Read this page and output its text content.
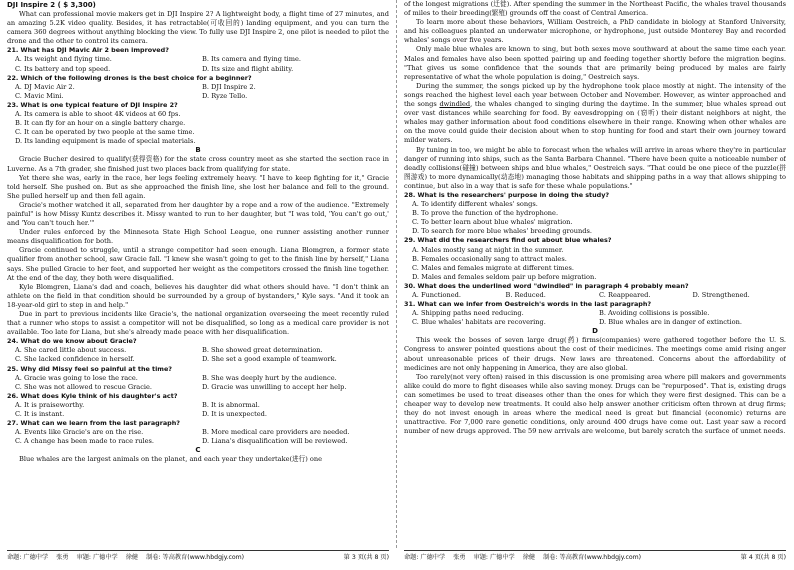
DJI Inspire 2 ( $ 3,300)

What can professional movie makers get in DJI Inspire 2? A lightweight body, a flight time of 27 minutes, and an amazing 5.2K video quality. Besides, it has retractable(可收回的) landing equipment, and you can turn the camera 360 degrees without anything blocking the view. To fully use DJI Inspire 2, one pilot is needed to pilot the drone and the other to control its camera.

21. What has DJI Mavic Air 2 been improved?
A. Its weight and flying time.	B. Its camera and flying time.
C. Its battery and top speed.	D. Its size and flight ability.
22. Which of the following drones is the best choice for a beginner?
A. DJ Mavic Air 2.	B. DJI Inspire 2.
C. Mavic Mini.	D. Ryze Tello.
23. What is one typical feature of DJI Inspire 2?
A. Its camera is able to shoot 4K videos at 60 fps.
B. It can fly for an hour on a single battery charge.
C. It can be operated by two people at the same time.
D. Its landing equipment is made of special materials.
B

Gracie Bucher desired to qualify(获得资格) for the state cross country meet as she started the section race in Luverne. As a 7th grader, she finished just two places back from qualifying for state.

Yet there she was, early in the race, her legs feeling extremely heavy. "I have to keep fighting for it," Gracie told herself. She pushed on. But as she approached the finish line, she lost her balance and fell to the ground. She pulled herself up and then fell again.

Gracie's mother watched it all, separated from her daughter by a rope and a row of the audience. "Extremely painful" is how Missy Kuntz describes it. Missy wanted to run to her daughter, but "I was told, 'You can't go out,' and 'You can't touch her.'"

Under rules enforced by the Minnesota State High School League, one runner assisting another runner means disqualification for both.

Gracie continued to struggle, until a strange competitor had seen enough. Liana Blomgren, a former state qualifier from another school, saw Gracie fall. "I knew she wasn't going to get to the finish line by herself," Liana says. She pulled Gracie to her feet, and supported her weight as the competitors crossed the finish line together. At the end of the day, they both were disqualified.

Kyle Blomgren, Liana's dad and coach, believes his daughter did what others should have. "I don't think an athlete on the field in that condition should be surrounded by a group of bystanders," Kyle says. "And it took an 18-year-old girl to step in and help."

Due in part to previous incidents like Gracie's, the national organization overseeing the meet recently ruled that a runner who stops to assist a competitor will not be disqualified, so long as a medical care provider is not available. Too late for Liana, but she's already made peace with her disqualification.

24. What do we know about Gracie?
A. She cared little about success.	B. She showed great determination.
C. She lacked confidence in herself.	D. She set a good example of teamwork.
25. Why did Missy feel so painful at the time?
A. Gracie was going to lose the race.	B. She was deeply hurt by the audience.
C. She was not allowed to rescue Gracie.	D. Gracie was unwilling to accept her help.
26. What does Kyle think of his daughter's act?
A. It is praiseworthy.	B. It is abnormal.
C. It is instant.	D. It is unexpected.
27. What can we learn from the last paragraph?
A. Events like Gracie's are on the rise.	B. More medical care providers are needed.
C. A change has been made to race rules.	D. Liana's disqualification will be reviewed.
C

Blue whales are the largest animals on the planet, and each year they undertake(进行) one

of the longest migrations (迁徙). After spending the summer in the Northeast Pacific, the whales travel thousands of miles to their breeding(繁殖) grounds off the coast of Central America.

To learn more about these behaviors, William Oestreich, a PhD candidate in biology at Stanford University, and his colleagues planted an underwater microphone, or hydrophone, just outside Monterey Bay and recorded whales' songs over five years.

Only male blue whales are known to sing, but both sexes move southward at about the same time each year. Males and females have also been spotted pairing up and feeding together shortly before the migration begins. "That gives us some confidence that the sounds that are primarily being produced by males are fairly representative of what the whole population is doing," Oestreich says.

During the summer, the songs picked up by the hydrophone took place mostly at night. The intensity of the songs reached the highest level each year between October and November. However, as winter approached and the songs dwindled, the whales changed to singing during the daytime. In the summer, blue whales spread out over vast distances while searching for food. By eavesdropping on (窃听) their distant neighbors at night, the whales may gather information about food conditions elsewhere in their range. Knowing when other whales are on the move could guide their decision about when to stop hunting for food and start their own journey toward milder waters.

By tuning in too, we might be able to forecast when the whales will arrive in areas where they're in particular danger of running into ships, such as the Santa Barbara Channel. "There have been quite a noticeable number of deadly collisions(碰撞) between ships and blue whales," Oestreich says. "That could be one piece of the puzzle(拼图游戏) to more dynamically(动态地) managing those habitats and shipping paths in a way that allows shipping to continue, but also in a way that is safe for these whale populations."

28. What is the researchers' purpose in doing the study?
A. To identify different whales' songs.
B. To prove the function of the hydrophone.
C. To better learn about blue whales' migration.
D. To search for more blue whales' breeding grounds.
29. What did the researchers find out about blue whales?
A. Males mostly sang at night in the summer.
B. Females occasionally sang to attract males.
C. Males and females migrate at different times.
D. Males and females seldom pair up before migration.
30. What does the underlined word "dwindled" in paragraph 4 probably mean?
A. Functioned.	B. Reduced.	C. Reappeared.	D. Strengthened.
31. What can we infer from Oestreich's words in the last paragraph?
A. Shipping paths need reducing.	B. Avoiding collisions is possible.
C. Blue whales' habitats are recovering.	D. Blue whales are in danger of extinction.
D

This week the bosses of seven large drug(药) firms(companies) were gathered together before the U. S. Congress to answer pointed questions about the cost of their medicines. The meetings come amid rising anger about unreasonable prices of their drugs. New laws are threatened. Concerns about the affordability of medicines are not only happening in America, they are also global.

Too rarely(not very often) raised in this discussion is one promising area where pill makers and governments alike could do more to fight diseases while also saving money. Drugs can be "repurposed". That is, existing drugs can sometimes be used to treat diseases other than the ones for which they were first designed. This can be a cheaper way to develop new treatments. It could also help answer another criticism often thrown at drug firms; they do not invest enough in areas where the medical need is great but financial (economic) returns are unattractive. For 7,000 rare genetic conditions, only around 400 drugs have come out. Last year saw a record number of new drugs approved. The 59 new arrivals are welcome, but barely scratch the surface of unmet needs.

命题: 广德中学 张勇 审题: 广德中学 徐健 制卷: 等高教育(www.hbdgjy.com)	第 3 页(共 8 页) 命题: 广德中学 张勇 审题: 广德中学 徐健 制卷: 等高教育(www.hbdgjy.com)	第 4 页(共 8 页)
